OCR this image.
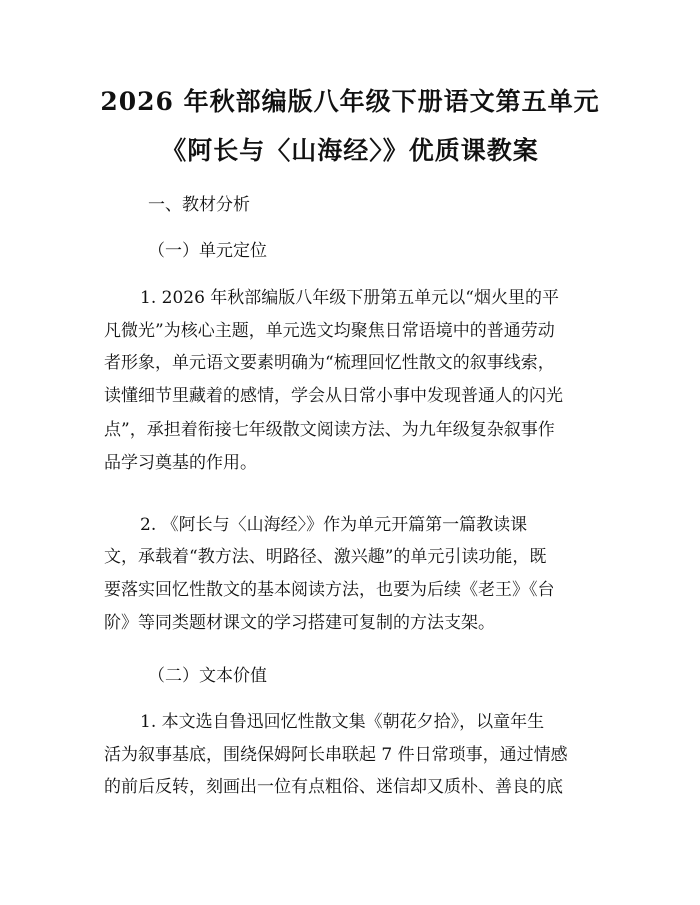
2026 年秋部编版八年级下册语文第五单元
《阿长与〈山海经〉》优质课教案
一、教材分析
（一）单元定位
1. 2026 年秋部编版八年级下册第五单元以“烟火里的平
凡微光”为核心主题，单元选文均聚焦日常语境中的普通劳动
者形象，单元语文要素明确为“梳理回忆性散文的叙事线索，
读懂细节里藏着的感情，学会从日常小事中发现普通人的闪光
点”，承担着衔接七年级散文阅读方法、为九年级复杂叙事作
品学习奠基的作用。
2. 《阿长与〈山海经〉》作为单元开篇第一篇教读课
文，承载着“教方法、明路径、激兴趣”的单元引读功能，既
要落实回忆性散文的基本阅读方法，也要为后续《老王》《台
阶》等同类题材课文的学习搭建可复制的方法支架。
（二）文本价值
1. 本文选自鲁迅回忆性散文集《朝花夕拾》，以童年生
活为叙事基底，围绕保姆阿长串联起 7 件日常琐事，通过情感
的前后反转，刻画出一位有点粗俗、迷信却又质朴、善良的底
